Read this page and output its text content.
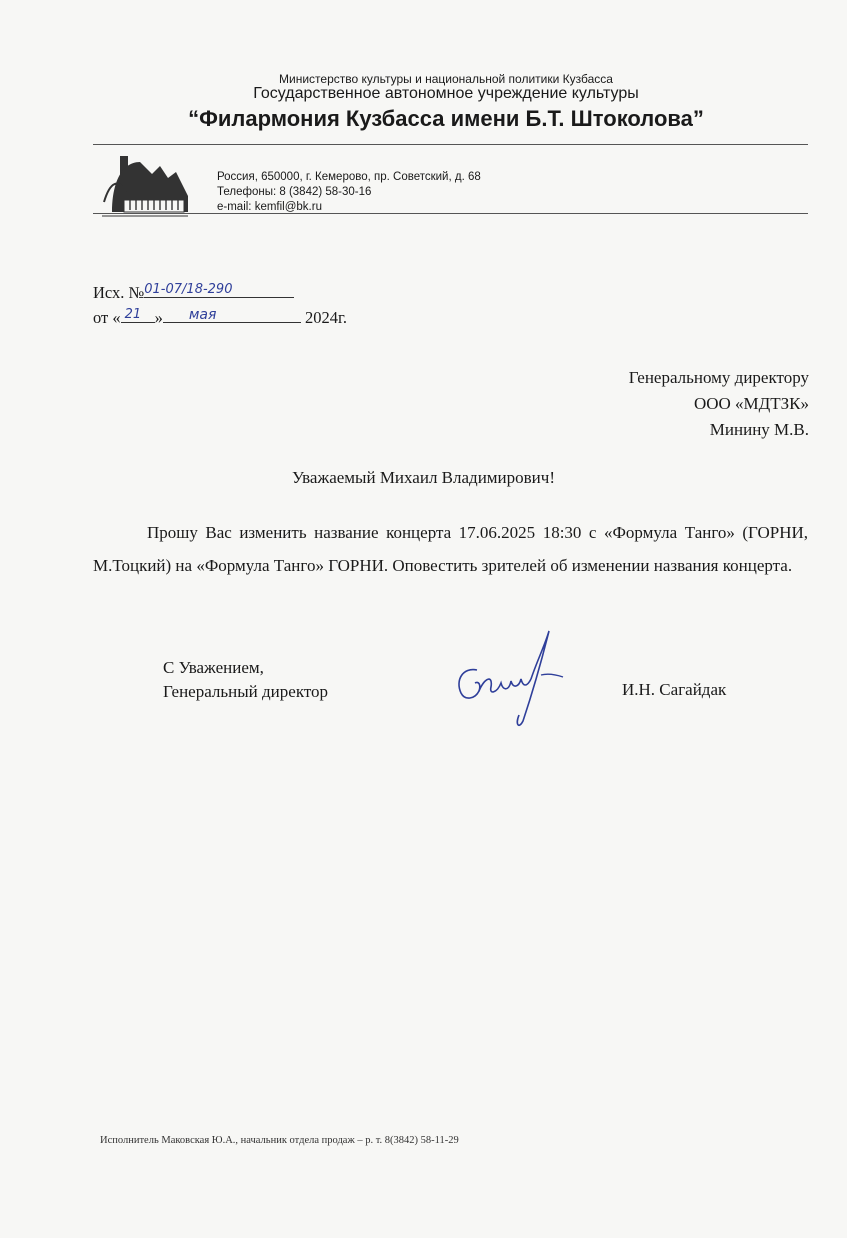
Министерство культуры и национальной политики Кузбасса
Государственное автономное учреждение культуры
“Филармония Кузбасса имени Б.Т. Штоколова”
Россия, 650000, г. Кемерово, пр. Советский, д. 68
Телефоны: 8 (3842) 58-30-16
e-mail: kemfil@bk.ru
Исх. № 01-07/18-290
от « 21 » мая	2024г.
Генеральному директору
ООО «МДТЗК»
Минину М.В.
Уважаемый Михаил Владимирович!
Прошу Вас изменить название концерта 17.06.2025 18:30 с «Формула Танго» (ГОРНИ, М.Тоцкий) на «Формула Танго» ГОРНИ. Оповестить зрителей об изменении названия концерта.
С Уважением,
Генеральный директор	И.Н. Сагайдак
Исполнитель Маковская Ю.А., начальник отдела продаж – р. т. 8(3842) 58-11-29
